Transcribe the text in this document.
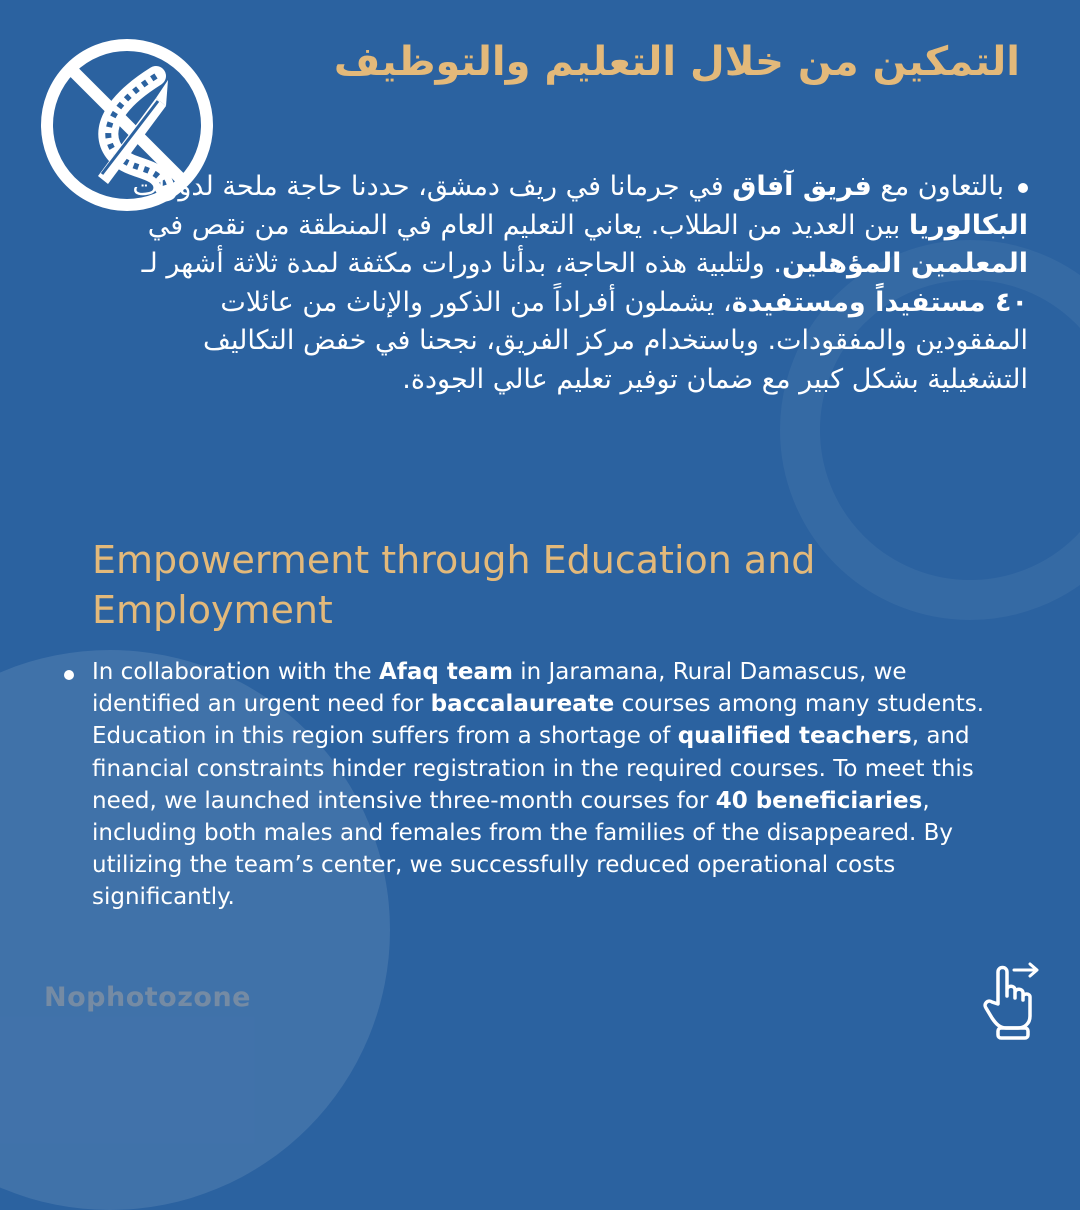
التمكين من خلال التعليم والتوظيف
بالتعاون مع فريق آفاق في جرمانا في ريف دمشق، حددنا حاجة ملحة لدورات البكالوريا بين العديد من الطلاب. يعاني التعليم العام في المنطقة من نقص في المعلمين المؤهلين. ولتلبية هذه الحاجة، بدأنا دورات مكثفة لمدة ثلاثة أشهر لـ ٤٠ مستفيداً ومستفيدة، يشملون أفراداً من الذكور والإناث من عائلات المفقودين والمفقودات. وباستخدام مركز الفريق، نجحنا في خفض التكاليف التشغيلية بشكل كبير مع ضمان توفير تعليم عالي الجودة.
Empowerment through Education and Employment
In collaboration with the Afaq team in Jaramana, Rural Damascus, we identified an urgent need for baccalaureate courses among many students. Education in this region suffers from a shortage of qualified teachers, and financial constraints hinder registration in the required courses. To meet this need, we launched intensive three-month courses for 40 beneficiaries, including both males and females from the families of the disappeared. By utilizing the team’s center, we successfully reduced operational costs significantly.
Nophotozone
